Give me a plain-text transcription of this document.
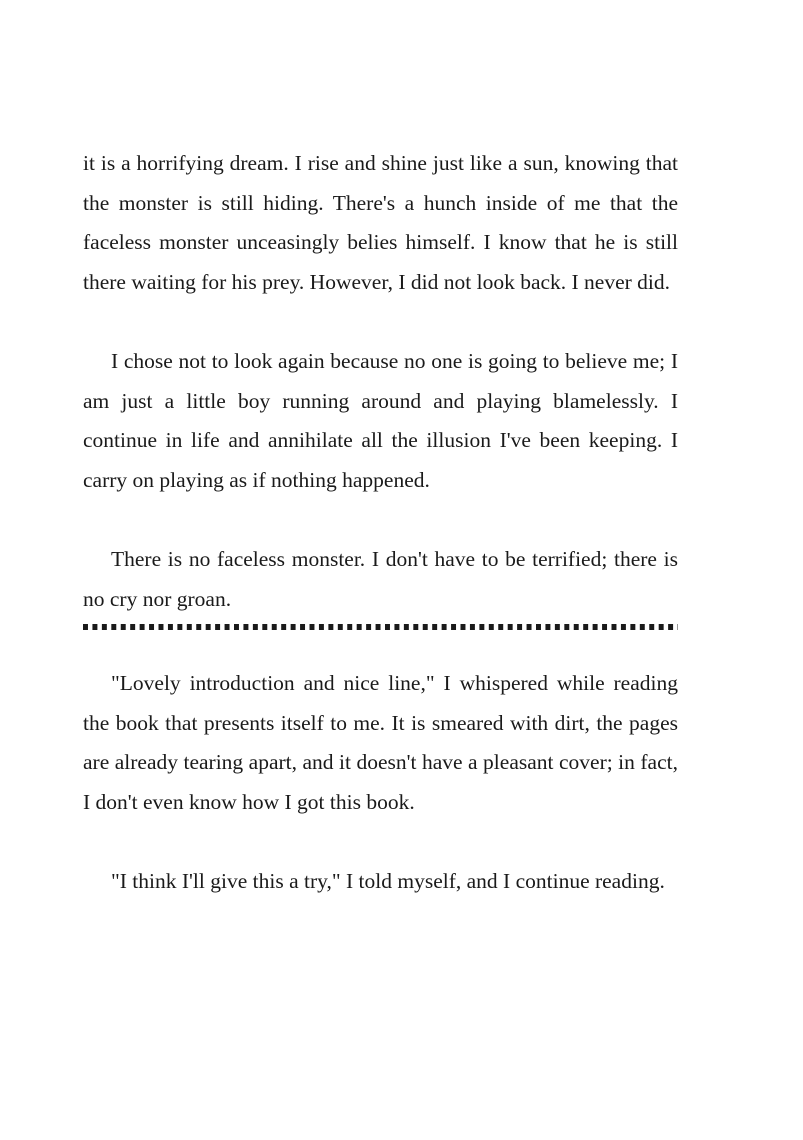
it is a horrifying dream. I rise and shine just like a sun, knowing that the monster is still hiding. There's a hunch inside of me that the faceless monster unceasingly belies himself. I know that he is still there waiting for his prey. However, I did not look back. I never did.

I chose not to look again because no one is going to believe me; I am just a little boy running around and playing blamelessly. I continue in life and annihilate all the illusion I've been keeping. I carry on playing as if nothing happened.

There is no faceless monster. I don't have to be terrified; there is no cry nor groan.

"Lovely introduction and nice line," I whispered while reading the book that presents itself to me. It is smeared with dirt, the pages are already tearing apart, and it doesn't have a pleasant cover; in fact, I don't even know how I got this book.

"I think I'll give this a try," I told myself, and I continue reading.
